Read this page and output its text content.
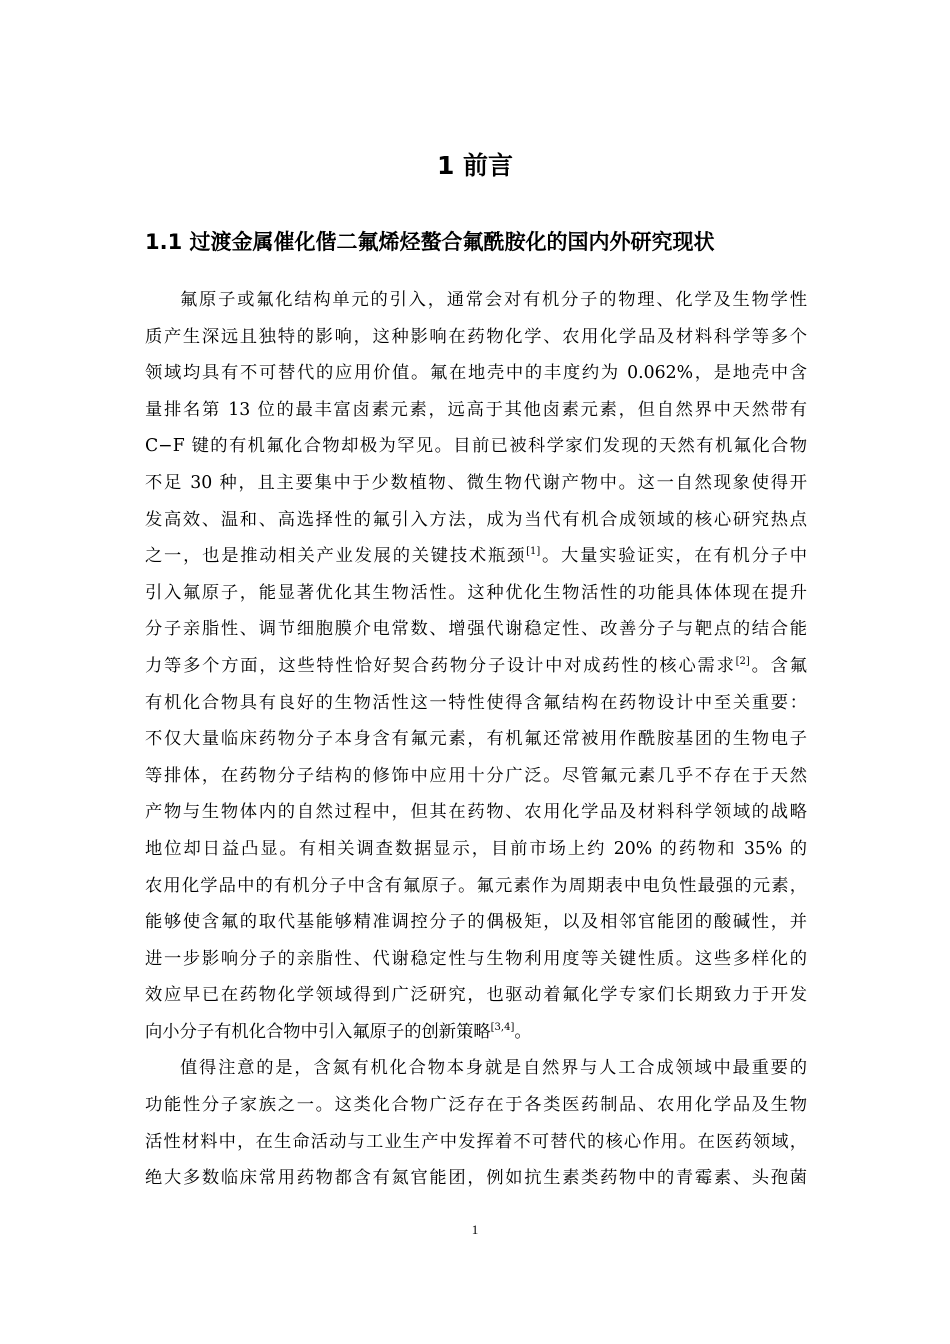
1 前言
1.1 过渡金属催化偕二氟烯烃螯合氟酰胺化的国内外研究现状
氟原子或氟化结构单元的引入，通常会对有机分子的物理、化学及生物学性
质产生深远且独特的影响，这种影响在药物化学、农用化学品及材料科学等多个
领域均具有不可替代的应用价值。氟在地壳中的丰度约为 0.062%，是地壳中含
量排名第 13 位的最丰富卤素元素，远高于其他卤素元素，但自然界中天然带有
C−F 键的有机氟化合物却极为罕见。目前已被科学家们发现的天然有机氟化合物
不足 30 种，且主要集中于少数植物、微生物代谢产物中。这一自然现象使得开
发高效、温和、高选择性的氟引入方法，成为当代有机合成领域的核心研究热点
之一，也是推动相关产业发展的关键技术瓶颈[1]。大量实验证实，在有机分子中
引入氟原子，能显著优化其生物活性。这种优化生物活性的功能具体体现在提升
分子亲脂性、调节细胞膜介电常数、增强代谢稳定性、改善分子与靶点的结合能
力等多个方面，这些特性恰好契合药物分子设计中对成药性的核心需求[2]。含氟
有机化合物具有良好的生物活性这一特性使得含氟结构在药物设计中至关重要：
不仅大量临床药物分子本身含有氟元素，有机氟还常被用作酰胺基团的生物电子
等排体，在药物分子结构的修饰中应用十分广泛。尽管氟元素几乎不存在于天然
产物与生物体内的自然过程中，但其在药物、农用化学品及材料科学领域的战略
地位却日益凸显。有相关调查数据显示，目前市场上约 20% 的药物和 35% 的
农用化学品中的有机分子中含有氟原子。氟元素作为周期表中电负性最强的元素，
能够使含氟的取代基能够精准调控分子的偶极矩，以及相邻官能团的酸碱性，并
进一步影响分子的亲脂性、代谢稳定性与生物利用度等关键性质。这些多样化的
效应早已在药物化学领域得到广泛研究，也驱动着氟化学专家们长期致力于开发
向小分子有机化合物中引入氟原子的创新策略[3,4]。
值得注意的是，含氮有机化合物本身就是自然界与人工合成领域中最重要的
功能性分子家族之一。这类化合物广泛存在于各类医药制品、农用化学品及生物
活性材料中，在生命活动与工业生产中发挥着不可替代的核心作用。在医药领域，
绝大多数临床常用药物都含有氮官能团，例如抗生素类药物中的青霉素、头孢菌
1
